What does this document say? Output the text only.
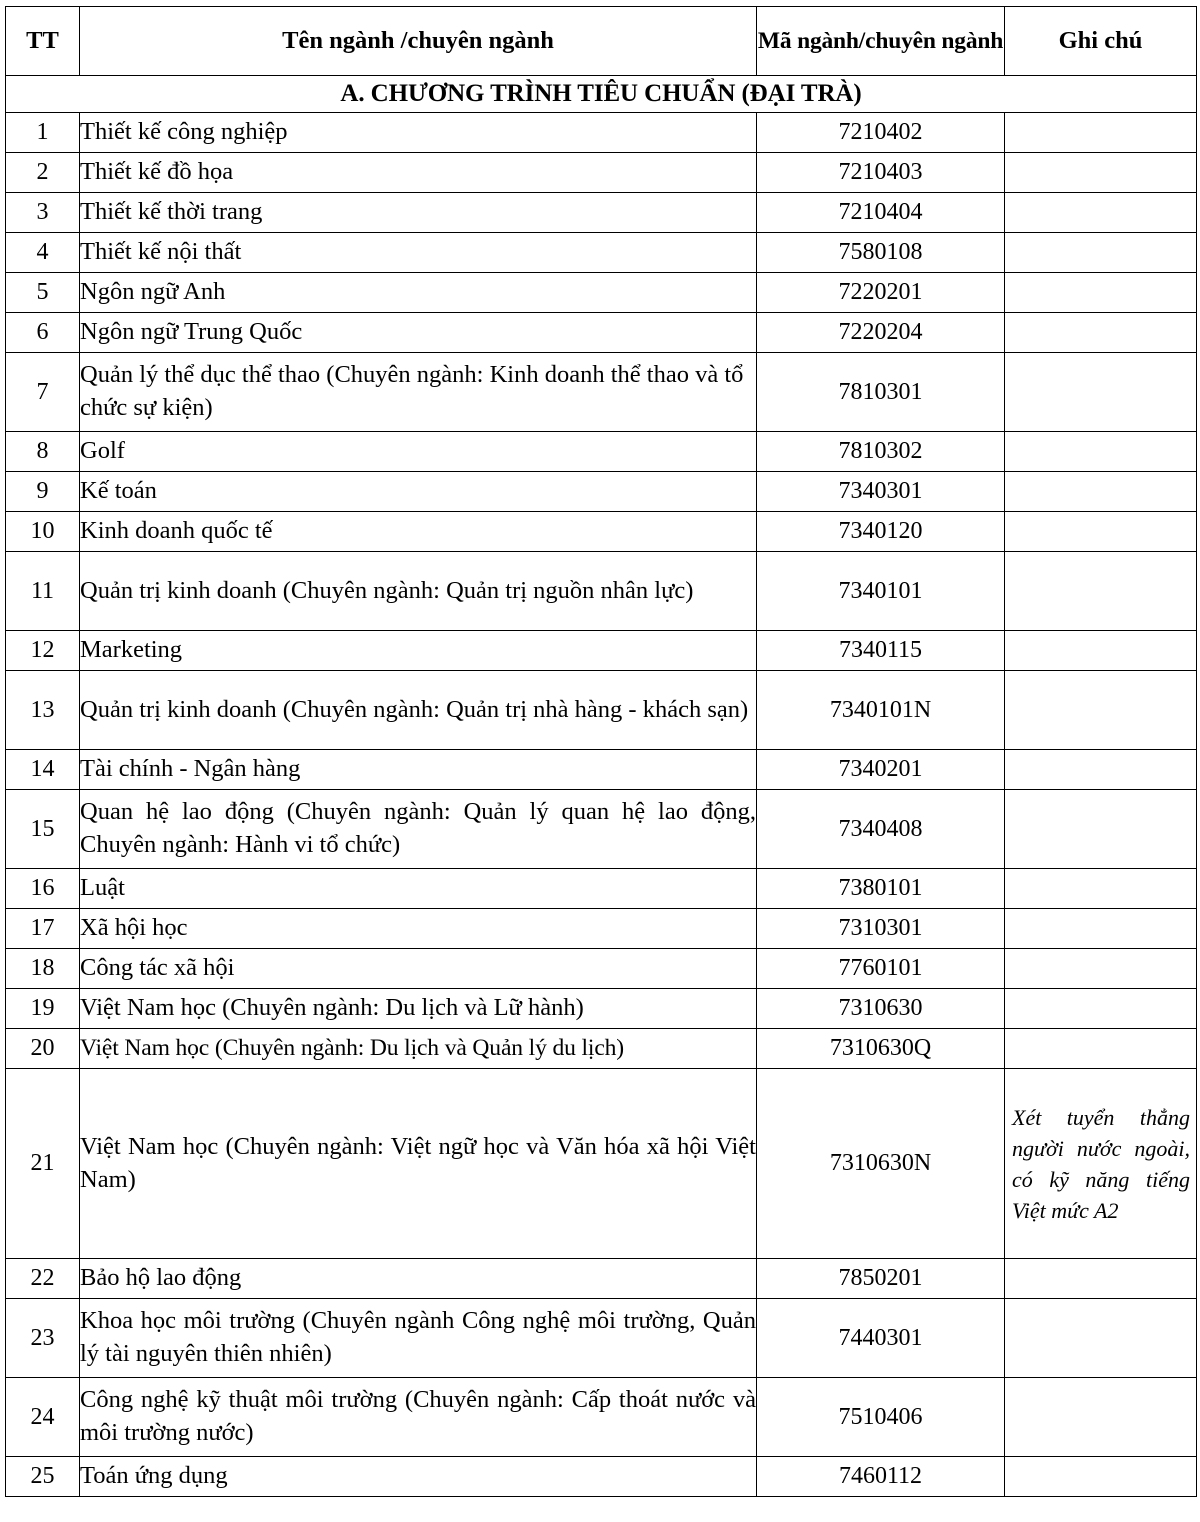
TT	Tên ngành /chuyên ngành	Mã ngành/chuyên ngành	Ghi chú
A. CHƯƠNG TRÌNH TIÊU CHUẨN (ĐẠI TRÀ)			
1	Thiết kế công nghiệp	7210402	

2	Thiết kế đồ họa	7210403	

3	Thiết kế thời trang	7210404	

4	Thiết kế nội thất	7580108	

5	Ngôn ngữ Anh	7220201	

6	Ngôn ngữ Trung Quốc	7220204	

7	Quản lý thể dục thể thao (Chuyên ngành: Kinh doanh thể thao và tổ chức sự kiện)	7810301	

8	Golf	7810302	

9	Kế toán	7340301	

10	Kinh doanh quốc tế	7340120	

11	Quản trị kinh doanh (Chuyên ngành: Quản trị nguồn nhân lực)	7340101	

12	Marketing	7340115	

13	Quản trị kinh doanh (Chuyên ngành: Quản trị nhà hàng - khách sạn)	7340101N	

14	Tài chính - Ngân hàng	7340201	

15	Quan hệ lao động (Chuyên ngành: Quản lý quan hệ lao động, Chuyên ngành: Hành vi tổ chức)	7340408	

16	Luật	7380101	

17	Xã hội học	7310301	

18	Công tác xã hội	7760101	

19	Việt Nam học (Chuyên ngành: Du lịch và Lữ hành)	7310630	

20	Việt Nam học (Chuyên ngành: Du lịch và Quản lý du lịch)	7310630Q	

21	Việt Nam học (Chuyên ngành: Việt ngữ học và Văn hóa xã hội Việt Nam)	7310630N	Xét tuyển thẳng người nước ngoài, có kỹ năng tiếng Việt mức A2

22	Bảo hộ lao động	7850201	

23	Khoa học môi trường (Chuyên ngành Công nghệ môi trường, Quản lý tài nguyên thiên nhiên)	7440301	

24	Công nghệ kỹ thuật môi trường (Chuyên ngành: Cấp thoát nước và môi trường nước)	7510406	

25	Toán ứng dụng	7460112	
